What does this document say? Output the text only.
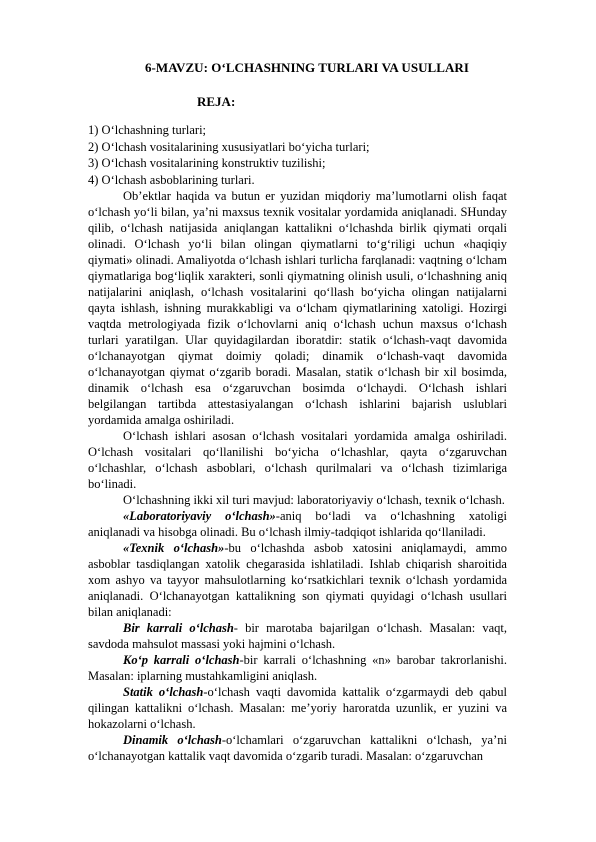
6-MAVZU: O‘LCHASHNING TURLARI VA USULLARI
REJA:
1) O‘lchashning turlari;
2) O‘lchash vositalarining xususiyatlari bo‘yicha turlari;
3) O‘lchash vositalarining konstruktiv tuzilishi;
4) O‘lchash asboblarining turlari.

Ob’ektlar haqida va butun er yuzidan miqdoriy ma’lumotlarni olish faqat o‘lchash yo‘li bilan, ya’ni maxsus texnik vositalar yordamida aniqlanadi. SHunday qilib, o‘lchash natijasida aniqlangan kattalikni o‘lchashda birlik qiymati orqali olinadi. O‘lchash yo‘li bilan olingan qiymatlarni to‘g‘riligi uchun «haqiqiy qiymati» olinadi. Amaliyotda o‘lchash ishlari turlicha farqlanadi: vaqtning o‘lcham qiymatlariga bog‘liqlik xarakteri, sonli qiymatning olinish usuli, o‘lchashning aniq natijalarini aniqlash, o‘lchash vositalarini qo‘llash bo‘yicha olingan natijalarni qayta ishlash, ishning murakkabligi va o‘lcham qiymatlarining xatoligi. Hozirgi vaqtda metrologiyada fizik o‘lchovlarni aniq o‘lchash uchun maxsus o‘lchash turlari yaratilgan. Ular quyidagilardan iboratdir: statik o‘lchash-vaqt davomida o‘lchanayotgan qiymat doimiy qoladi; dinamik o‘lchash-vaqt davomida o‘lchanayotgan qiymat o‘zgarib boradi. Masalan, statik o‘lchash bir xil bosimda, dinamik o‘lchash esa o‘zgaruvchan bosimda o‘lchaydi. O‘lchash ishlari belgilangan tartibda attestasiyalangan o‘lchash ishlarini bajarish uslublari yordamida amalga oshiriladi.

O‘lchash ishlari asosan o‘lchash vositalari yordamida amalga oshiriladi. O‘lchash vositalari qo‘llanilishi bo‘yicha o‘lchashlar, qayta o‘zgaruvchan o‘lchashlar, o‘lchash asboblari, o‘lchash qurilmalari va o‘lchash tizimlariga bo‘linadi.

O‘lchashning ikki xil turi mavjud: laboratoriyaviy o‘lchash, texnik o‘lchash.

«Laboratoriyaviy o‘lchash»-aniq bo‘ladi va o‘lchashning xatoligi aniqlanadi va hisobga olinadi. Bu o‘lchash ilmiy-tadqiqot ishlarida qo‘llaniladi.

«Texnik o‘lchash»-bu o‘lchashda asbob xatosini aniqlamaydi, ammo asboblar tasdiqlangan xatolik chegarasida ishlatiladi. Ishlab chiqarish sharoitida xom ashyo va tayyor mahsulotlarning ko‘rsatkichlari texnik o‘lchash yordamida aniqlanadi. O‘lchanayotgan kattalikning son qiymati quyidagi o‘lchash usullari bilan aniqlanadi:

Bir karrali o‘lchash- bir marotaba bajarilgan o‘lchash. Masalan: vaqt, savdoda mahsulot massasi yoki hajmini o‘lchash.

Ko‘p karrali o‘lchash-bir karrali o‘lchashning «n» barobar takrorlanishi. Masalan: iplarning mustahkamligini aniqlash.

Statik o‘lchash-o‘lchash vaqti davomida kattalik o‘zgarmaydi deb qabul qilingan kattalikni o‘lchash. Masalan: me’yoriy haroratda uzunlik, er yuzini va hokazolarni o‘lchash.

Dinamik o‘lchash-o‘lchamlari o‘zgaruvchan kattalikni o‘lchash, ya’ni o‘lchanayotgan kattalik vaqt davomida o‘zgarib turadi. Masalan: o‘zgaruvchan
